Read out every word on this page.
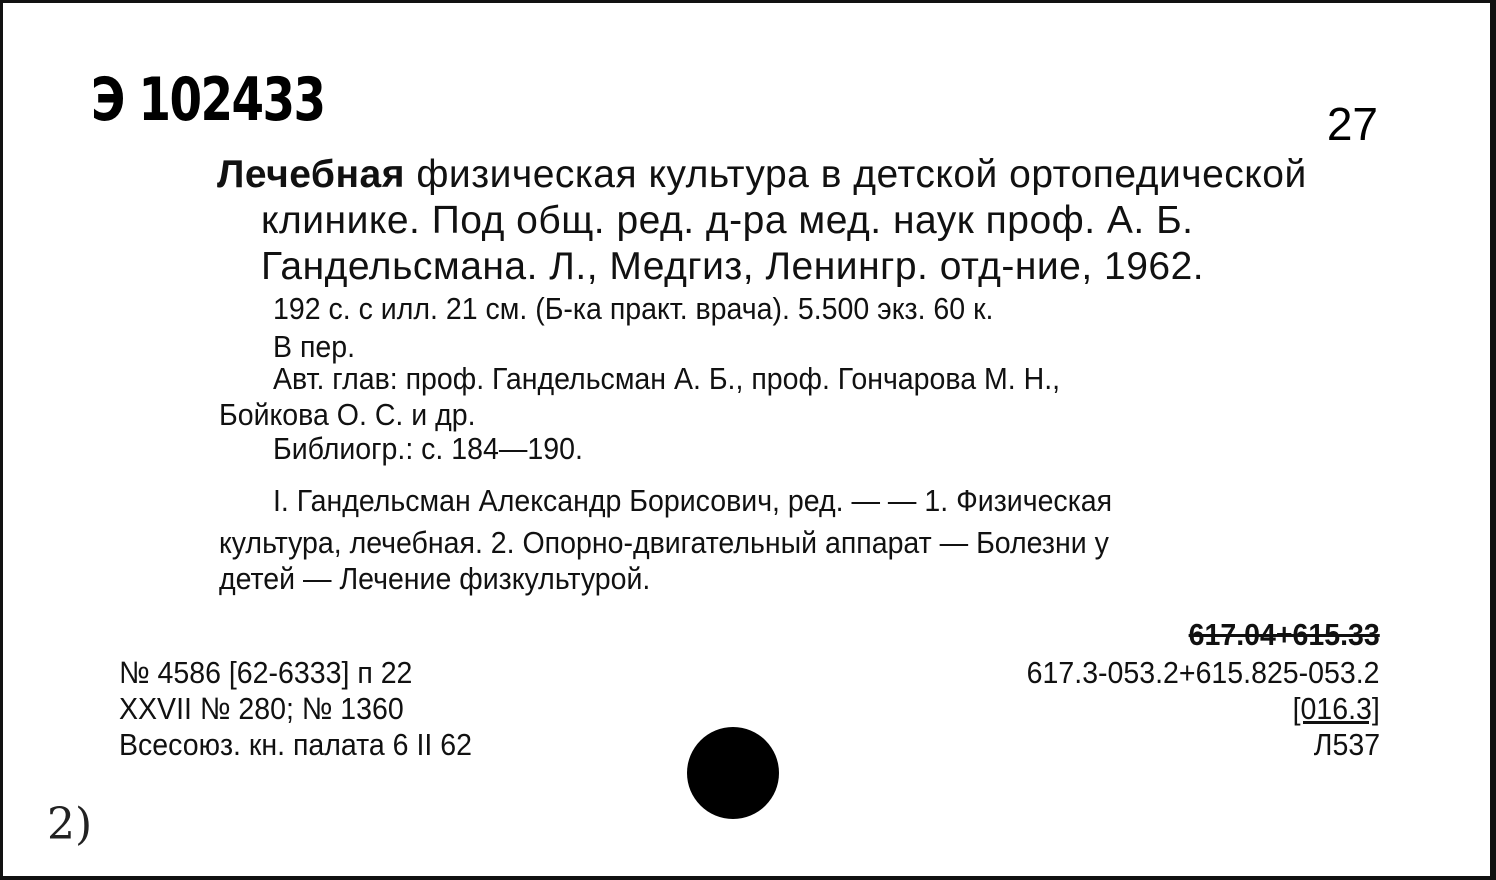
Э 102433	27
Лечебная физическая культура в детской ортопедической
клинике. Под общ. ред. д-ра мед. наук проф. А. Б.
Гандельсмана. Л., Медгиз, Ленингр. отд-ние, 1962.
192 с. с илл. 21 см. (Б-ка практ. врача). 5.500 экз. 60 к.
В пер.
Авт. глав: проф. Гандельсман А. Б., проф. Гончарова М. Н.,
Бойкова О. С. и др.
Библиогр.: с. 184—190.
I. Гандельсман Александр Борисович, ред. — — 1. Физическая
культура, лечебная. 2. Опорно-двигательный аппарат — Болезни у
детей — Лечение физкультурой.
№ 4586 [62-6333] п 22
XXVII № 280; № 1360
Всесоюз. кн. палата 6 II 62
617.04+615.33
617.3-053.2+615.825-053.2
[016.3]
Л537
2)
